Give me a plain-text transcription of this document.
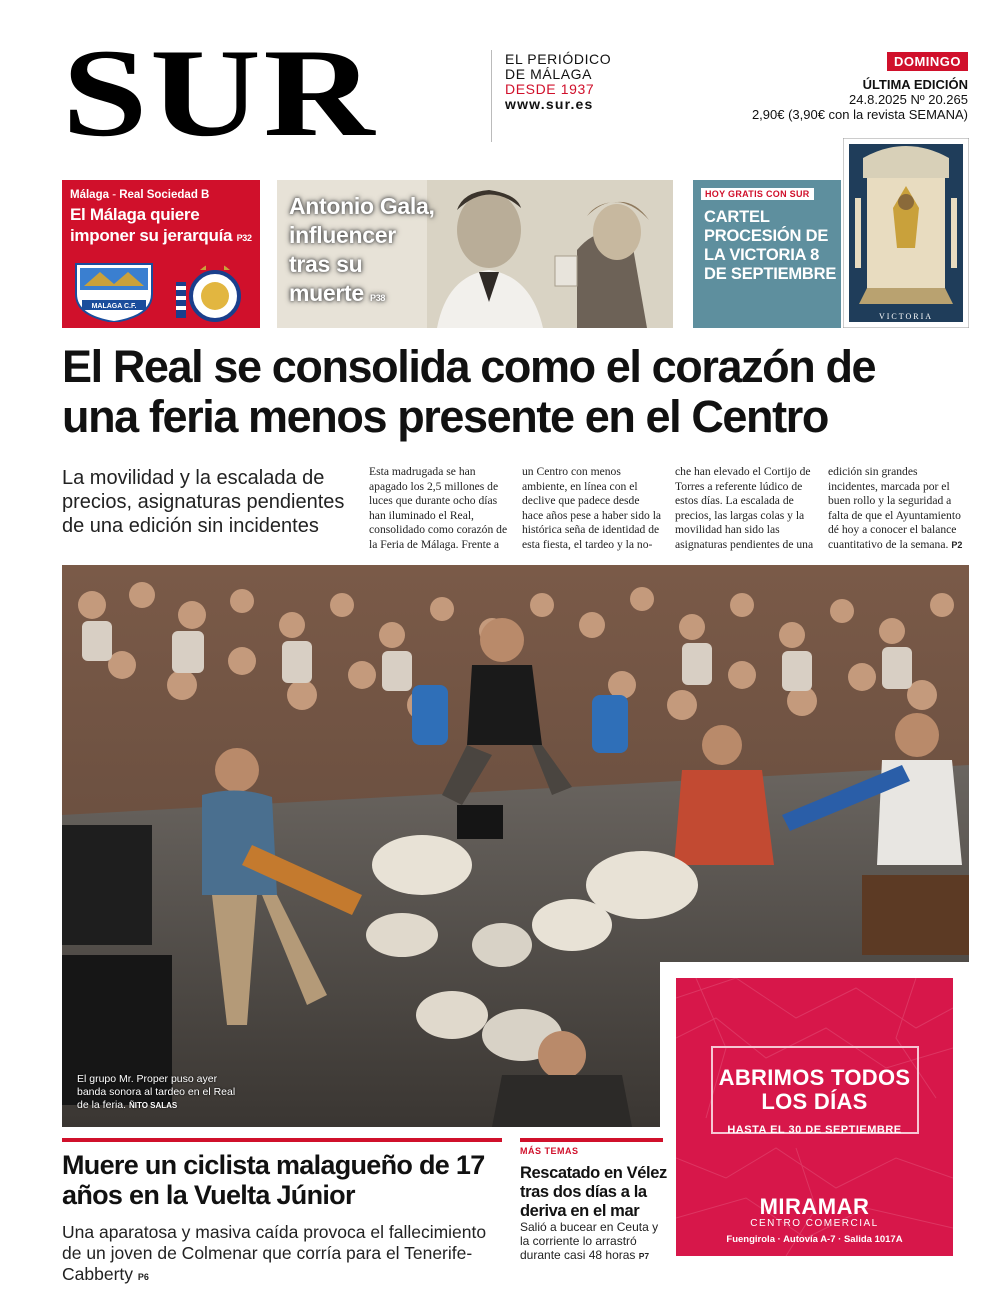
SUR	EL PERIÓDICO
DE MÁLAGA
DESDE 1937
www.sur.es
DOMINGO
ÚLTIMA EDICIÓN
24.8.2025 Nº 20.265
2,90€ (3,90€ con la revista SEMANA)
Málaga - Real Sociedad B
El Málaga quiere imponer su jerarquía P32
MALAGA C.F.
Antonio Gala, influencer tras su muerte P38
HOY GRATIS CON SUR
CARTEL PROCESIÓN DE LA VICTORIA 8 DE SEPTIEMBRE
VICTORIA
El Real se consolida como el corazón de una feria menos presente en el Centro
La movilidad y la escalada de precios, asignaturas pendientes de una edición sin incidentes
Esta madrugada se han apagado los 2,5 millones de luces que durante ocho días han iluminado el Real, consolidado como corazón de la Feria de Málaga. Frente a
un Centro con menos ambiente, en línea con el declive que padece desde hace años pese a haber sido la histórica seña de identidad de esta fiesta, el tardeo y la no-
che han elevado el Cortijo de Torres a referente lúdico de estos días. La escalada de precios, las largas colas y la movilidad han sido las asignaturas pendientes de una
edición sin grandes incidentes, marcada por el buen rollo y la seguridad a falta de que el Ayuntamiento dé hoy a conocer el balance cuantitativo de la semana. P2
El grupo Mr. Proper puso ayer banda sonora al tardeo en el Real de la feria. ÑITO SALAS
ABRIMOS TODOS
LOS DÍAS
HASTA EL 30 DE SEPTIEMBRE
MIRAMAR
CENTRO COMERCIAL
Fuengirola · Autovía A-7 · Salida 1017A
Muere un ciclista malagueño de 17 años en la Vuelta Júnior
Una aparatosa y masiva caída provoca el fallecimiento de un joven de Colmenar que corría para el Tenerife-Cabberty P6
MÁS TEMAS
Rescatado en Vélez tras dos días a la deriva en el mar
Salió a bucear en Ceuta y la corriente lo arrastró durante casi 48 horas P7
